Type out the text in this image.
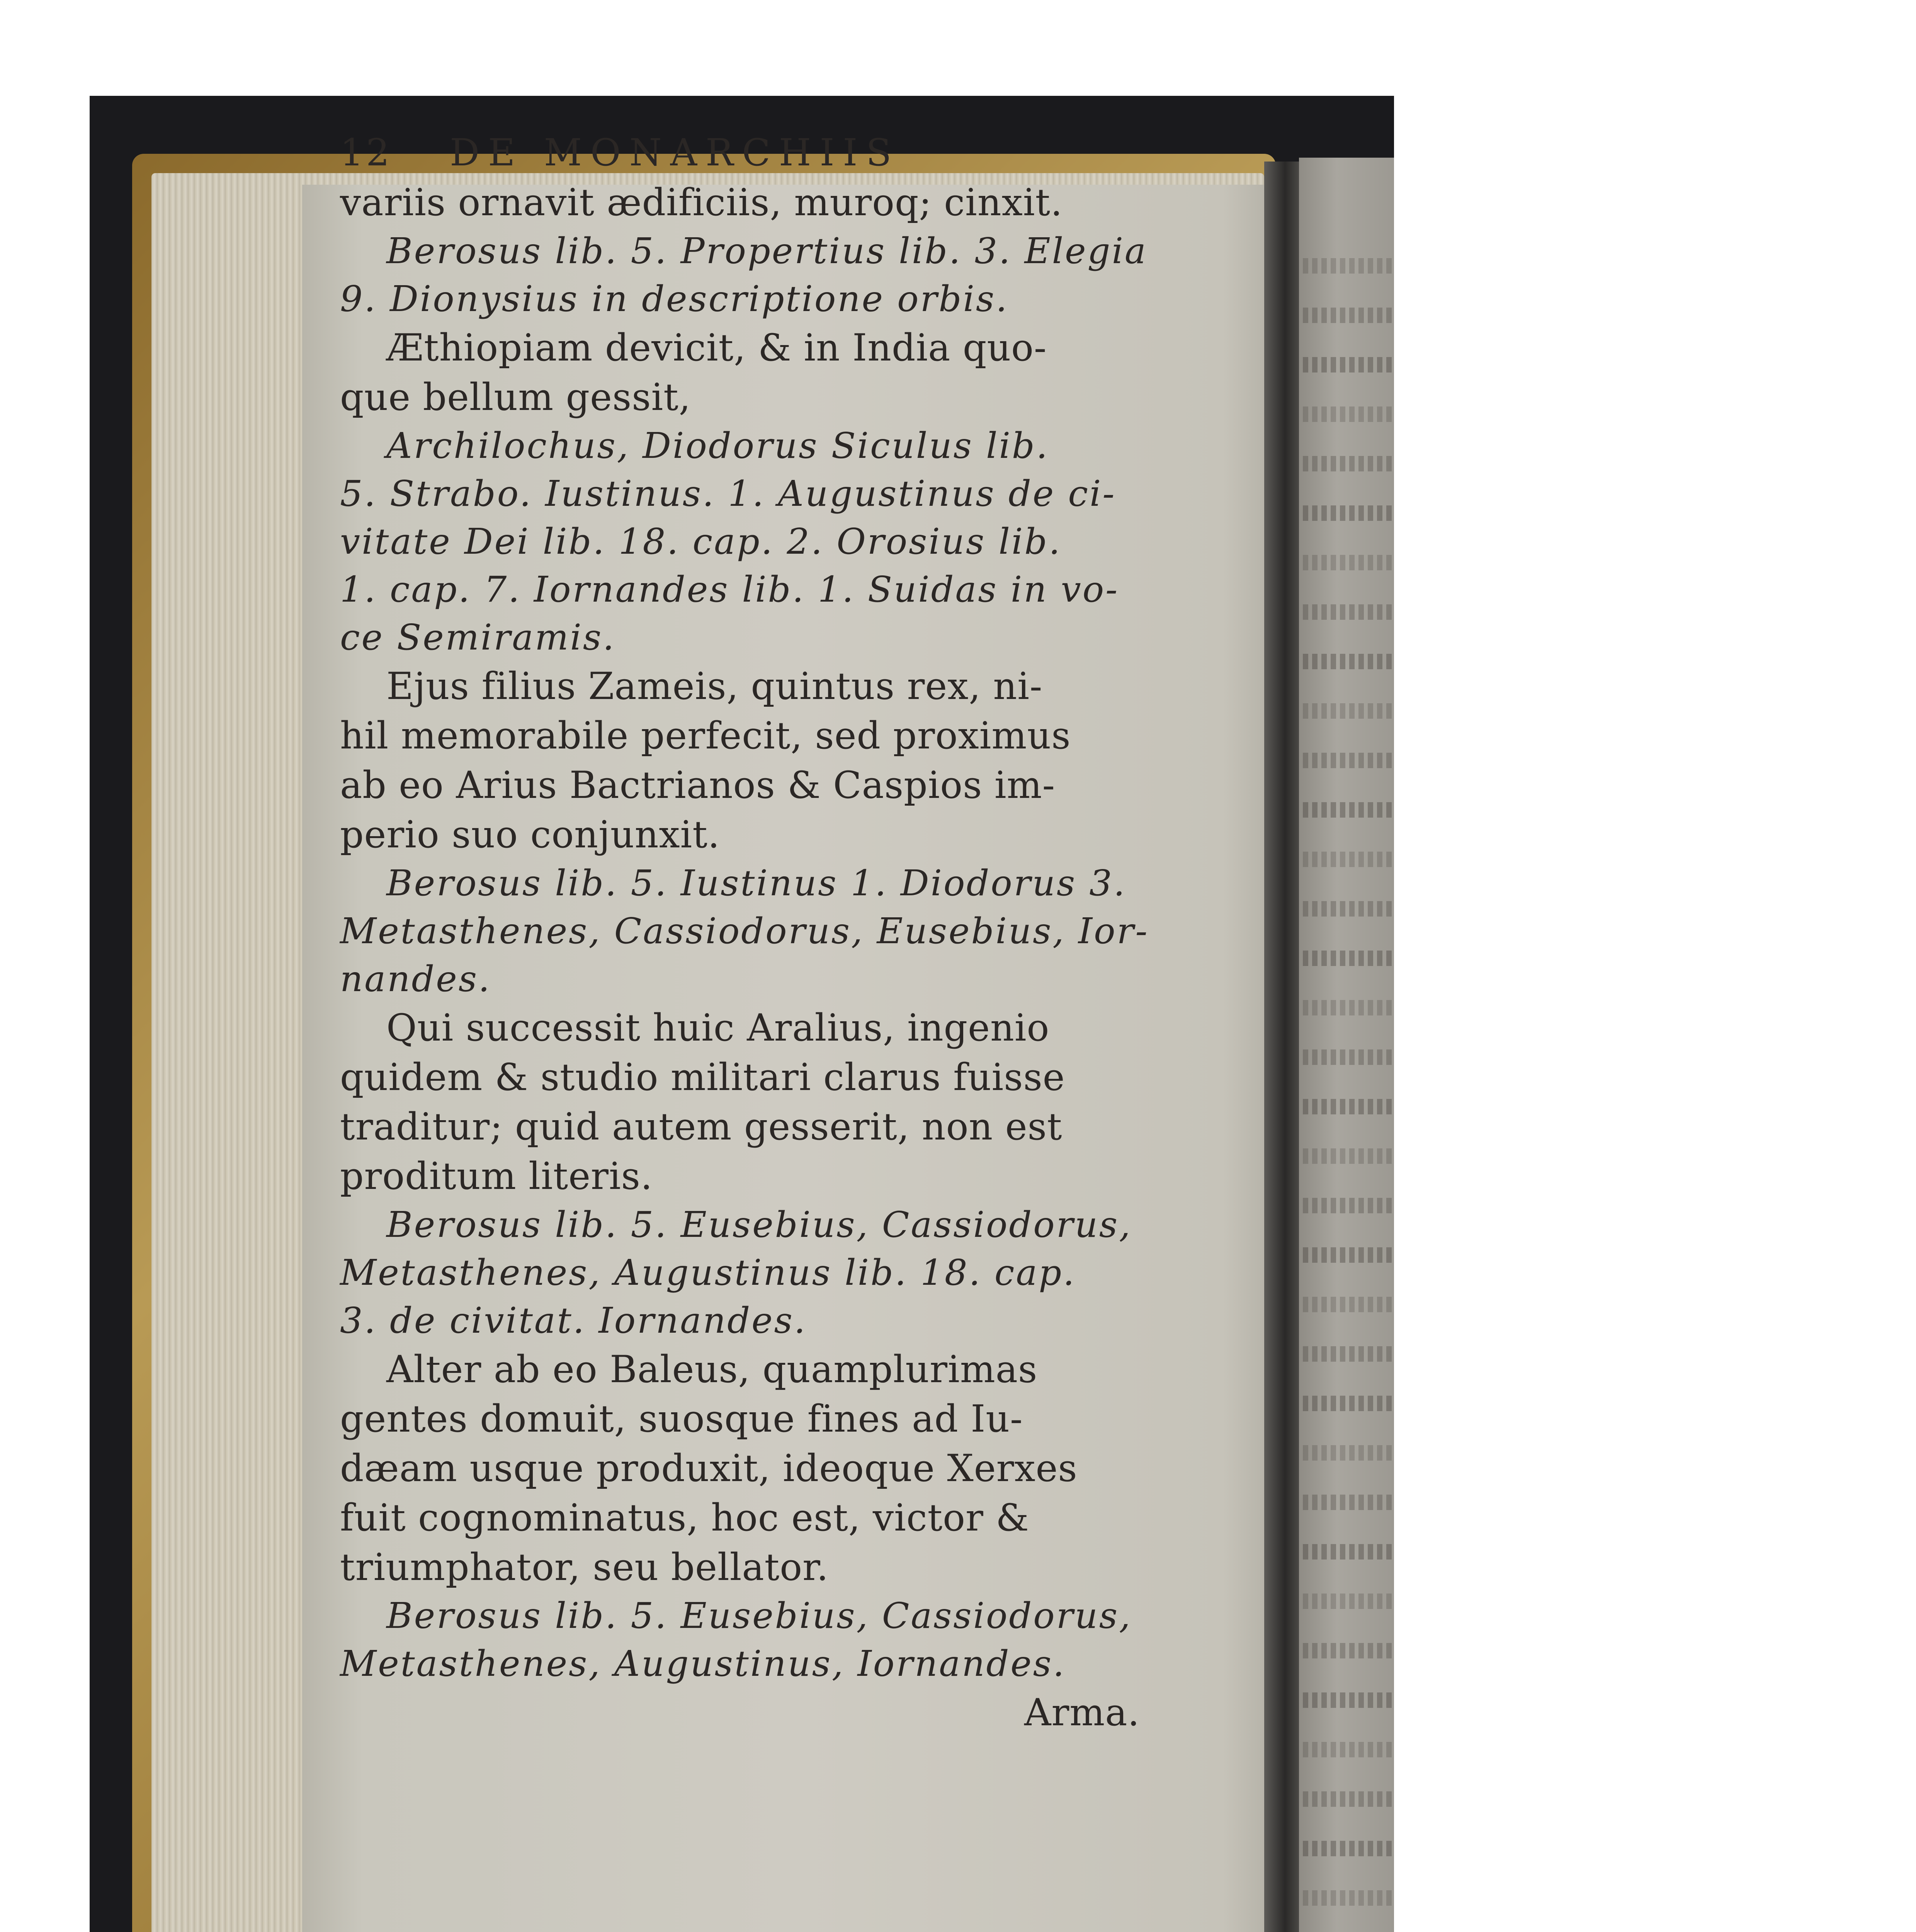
12 DE MONARCHIIS
variis ornavit ædificiis, muroq; cinxit.
Berosus lib. 5. Propertius lib. 3. Elegia
9. Dionysius in descriptione orbis.
Æthiopiam devicit, & in India quo-
que bellum gessit,
Archilochus, Diodorus Siculus lib.
5. Strabo. Iustinus. 1. Augustinus de ci-
vitate Dei lib. 18. cap. 2. Orosius lib.
1. cap. 7. Iornandes lib. 1. Suidas in vo-
ce Semiramis.
Ejus filius Zameis, quintus rex, ni-
hil memorabile perfecit, sed proximus
ab eo Arius Bactrianos & Caspios im-
perio suo conjunxit.
Berosus lib. 5. Iustinus 1. Diodorus 3.
Metasthenes, Cassiodorus, Eusebius, Ior-
nandes.
Qui successit huic Aralius, ingenio
quidem & studio militari clarus fuisse
traditur; quid autem gesserit, non est
proditum literis.
Berosus lib. 5. Eusebius, Cassiodorus,
Metasthenes, Augustinus lib. 18. cap.
3. de civitat. Iornandes.
Alter ab eo Baleus, quamplurimas
gentes domuit, suosque fines ad Iu-
dæam usque produxit, ideoque Xerxes
fuit cognominatus, hoc est, victor &
triumphator, seu bellator.
Berosus lib. 5. Eusebius, Cassiodorus,
Metasthenes, Augustinus, Iornandes.
Arma.
